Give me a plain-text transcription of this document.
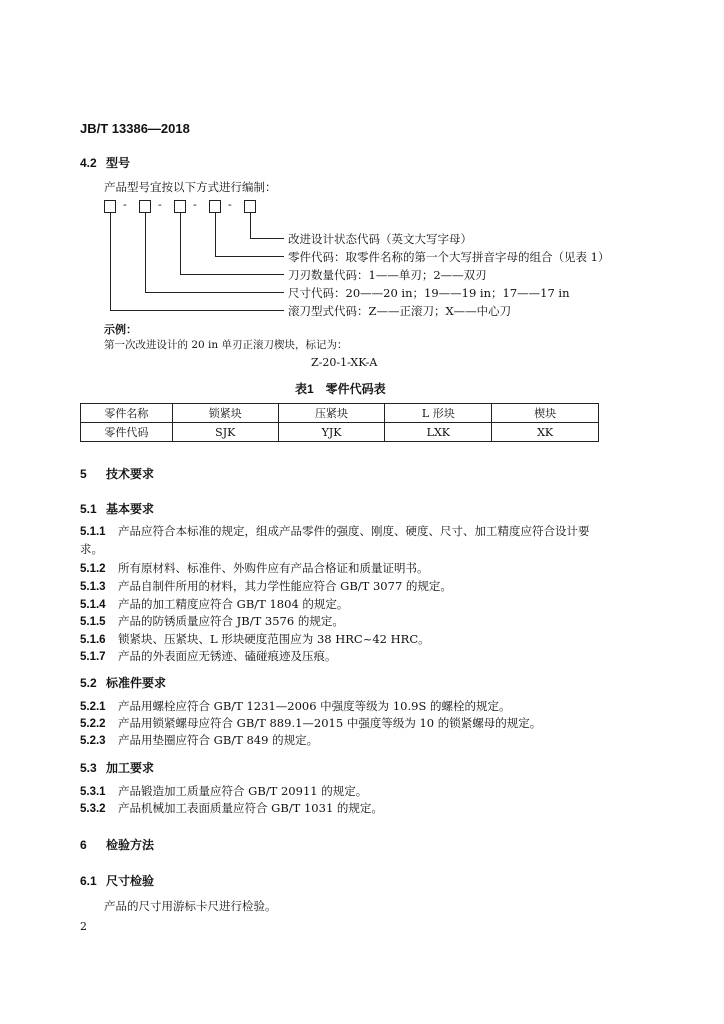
JB/T 13386—2018
4.2 型号
产品型号宜按以下方式进行编制：
-	-	-	-
改进设计状态代码（英文大写字母）
零件代码：取零件名称的第一个大写拼音字母的组合（见表 1）
刀刃数量代码：1——单刃；2——双刃
尺寸代码：20——20 in；19——19 in；17——17 in
滚刀型式代码：Z——正滚刀；X——中心刀
示例：
第一次改进设计的 20 in 单刃正滚刀楔块，标记为：
Z-20-1-XK-A
表1　零件代码表
零件名称	锁紧块	压紧块	L 形块	楔块
零件代码	SJK	YJK	LXK	XK
5 技术要求
5.1 基本要求
5.1.1 产品应符合本标准的规定，组成产品零件的强度、刚度、硬度、尺寸、加工精度应符合设计要
求。
5.1.2 所有原材料、标准件、外购件应有产品合格证和质量证明书。
5.1.3 产品自制件所用的材料，其力学性能应符合 GB/T 3077 的规定。
5.1.4 产品的加工精度应符合 GB/T 1804 的规定。
5.1.5 产品的防锈质量应符合 JB/T 3576 的规定。
5.1.6 锁紧块、压紧块、L 形块硬度范围应为 38 HRC~42 HRC。
5.1.7 产品的外表面应无锈迹、磕碰痕迹及压痕。
5.2 标准件要求
5.2.1 产品用螺栓应符合 GB/T 1231—2006 中强度等级为 10.9S 的螺栓的规定。
5.2.2 产品用锁紧螺母应符合 GB/T 889.1—2015 中强度等级为 10 的锁紧螺母的规定。
5.2.3 产品用垫圈应符合 GB/T 849 的规定。
5.3 加工要求
5.3.1 产品锻造加工质量应符合 GB/T 20911 的规定。
5.3.2 产品机械加工表面质量应符合 GB/T 1031 的规定。
6 检验方法
6.1 尺寸检验
产品的尺寸用游标卡尺进行检验。
2
